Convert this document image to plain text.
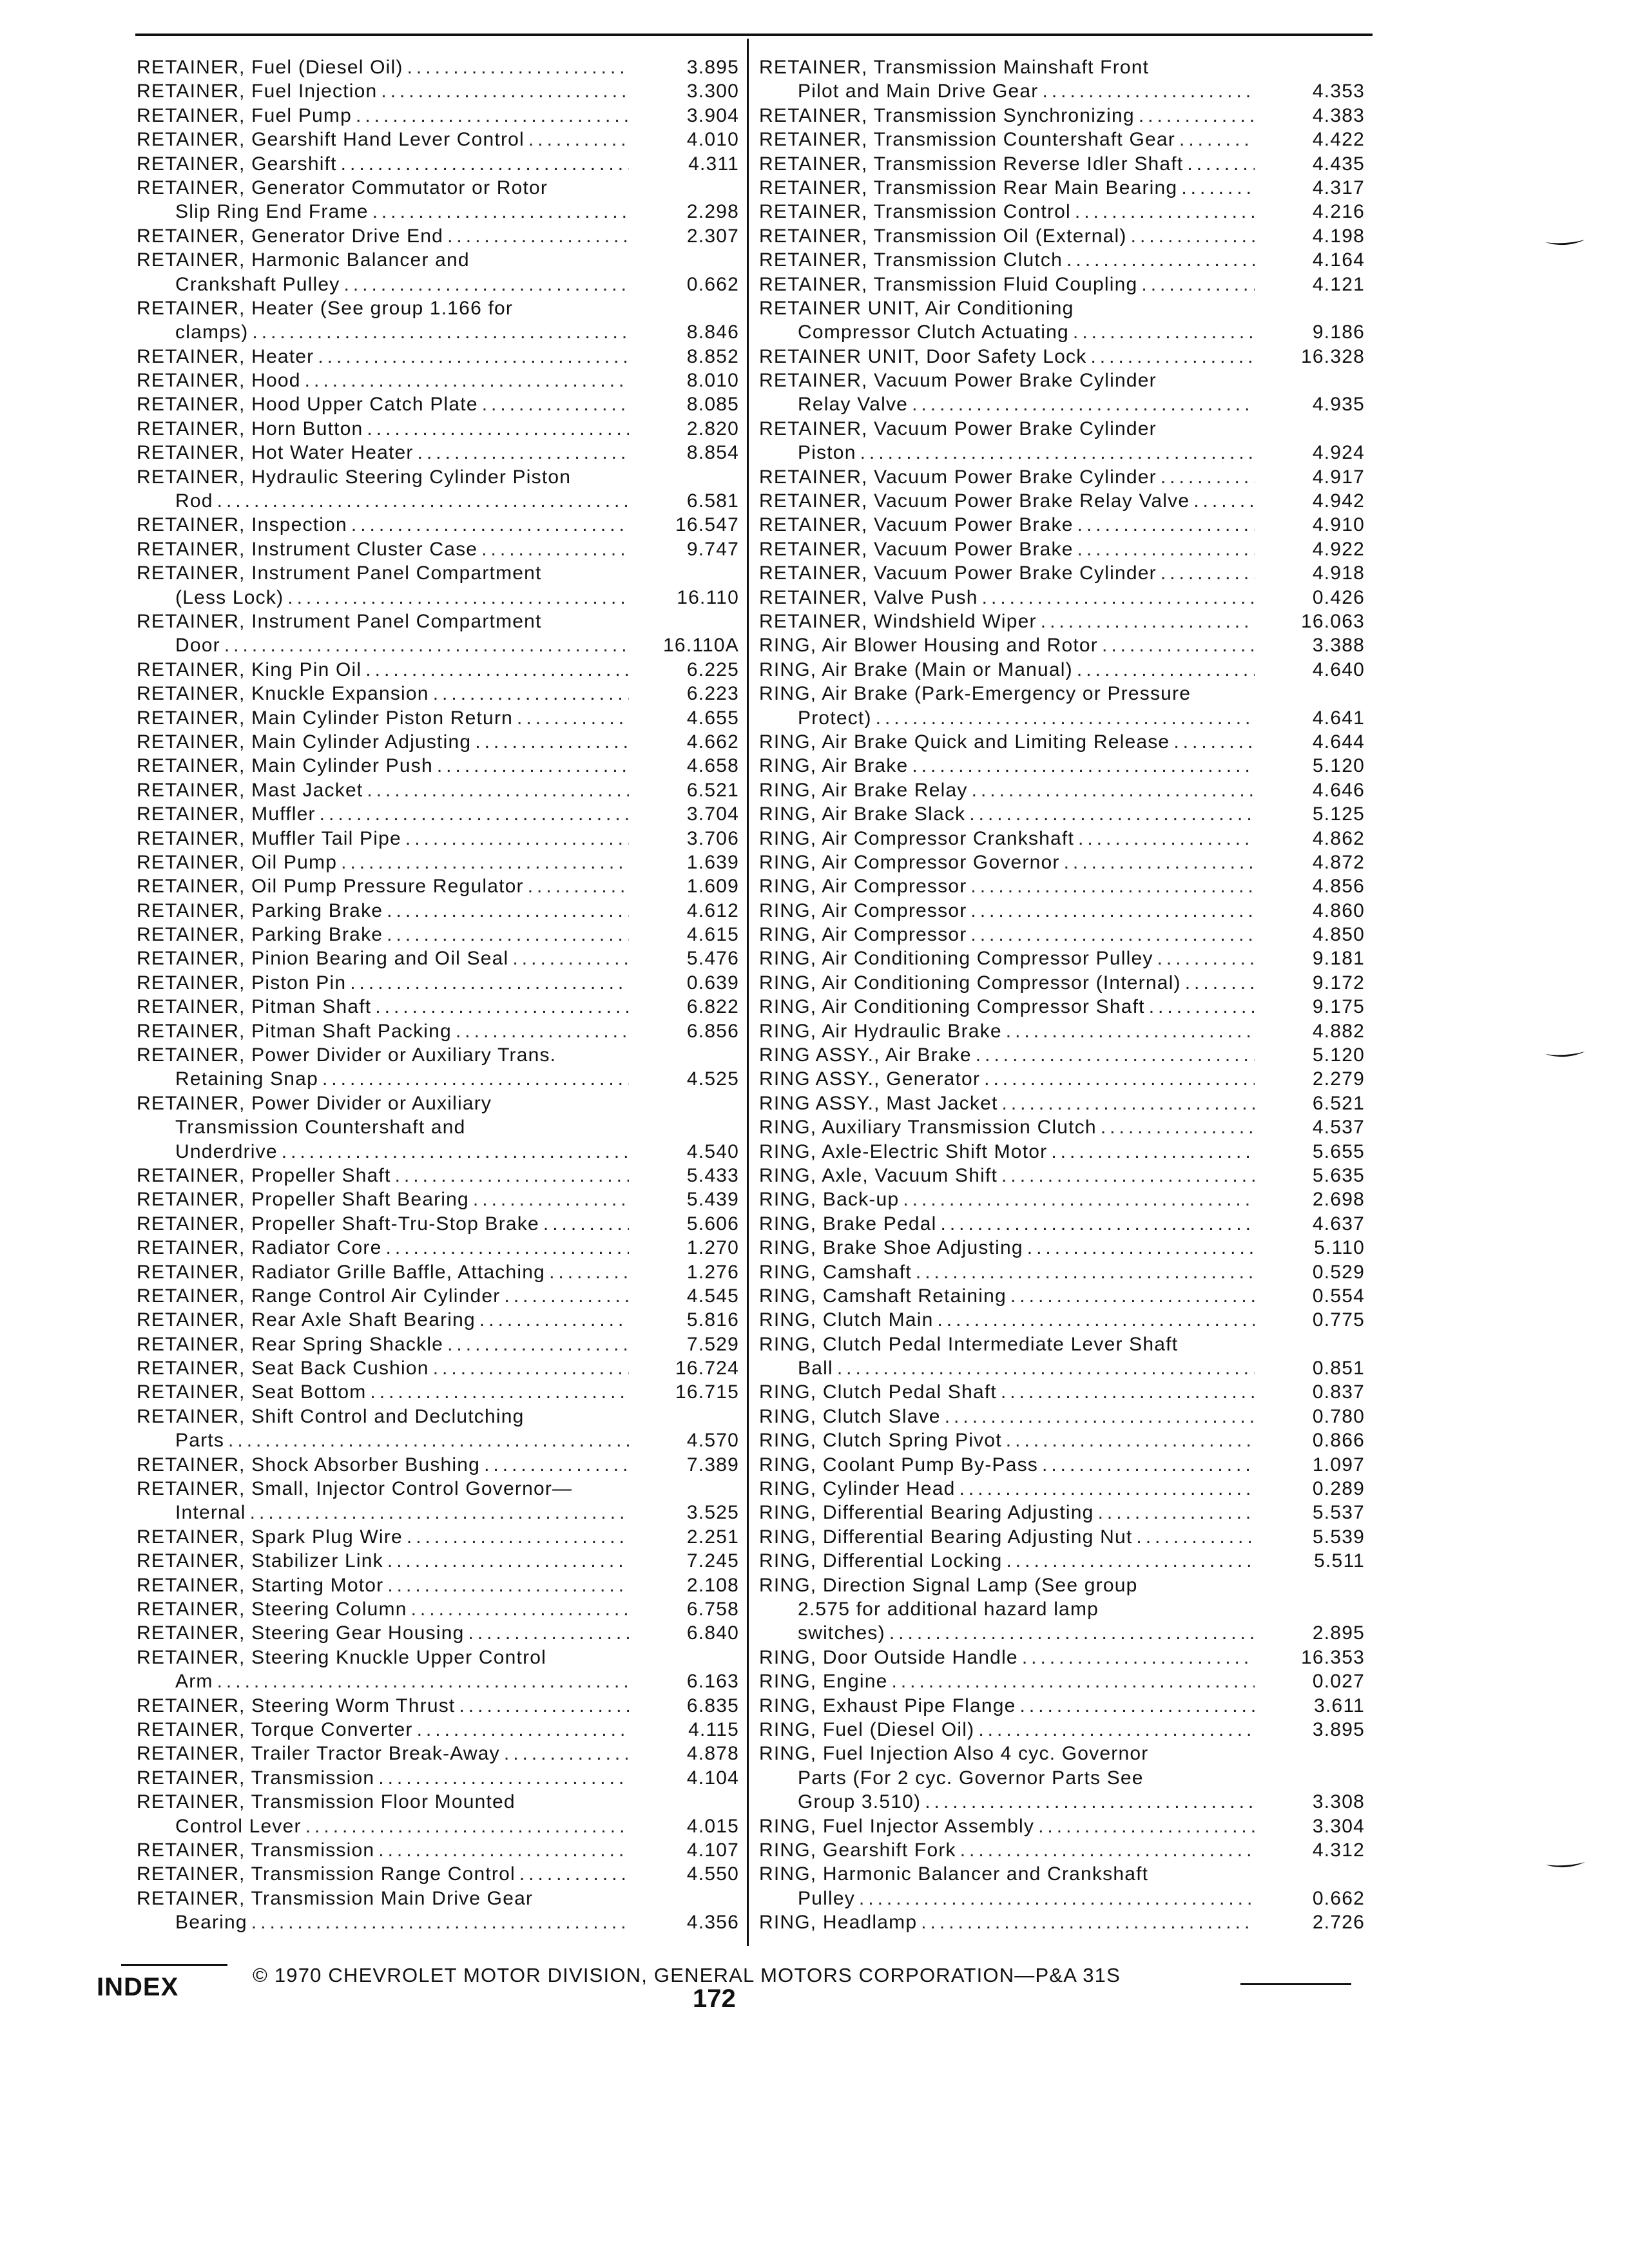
RETAINER, Fuel (Diesel Oil) .....	3.895
RETAINER, Fuel Injection .....	3.300
RETAINER, Fuel Pump .....	3.904
RETAINER, Gearshift Hand Lever Control .....	4.010
RETAINER, Gearshift .....	4.311
RETAINER, Generator Commutator or Rotor
Slip Ring End Frame .....	2.298
RETAINER, Generator Drive End .....	2.307
RETAINER, Harmonic Balancer and
Crankshaft Pulley .....	0.662
RETAINER, Heater (See group 1.166 for
clamps) .....	8.846
RETAINER, Heater .....	8.852
RETAINER, Hood .....	8.010
RETAINER, Hood Upper Catch Plate .....	8.085
RETAINER, Horn Button .....	2.820
RETAINER, Hot Water Heater .....	8.854
RETAINER, Hydraulic Steering Cylinder Piston
Rod .....	6.581
RETAINER, Inspection .....	16.547
RETAINER, Instrument Cluster Case .....	9.747
RETAINER, Instrument Panel Compartment
(Less Lock) .....	16.110
RETAINER, Instrument Panel Compartment
Door .....	16.110A
RETAINER, King Pin Oil .....	6.225
RETAINER, Knuckle Expansion .....	6.223
RETAINER, Main Cylinder Piston Return .....	4.655
RETAINER, Main Cylinder Adjusting .....	4.662
RETAINER, Main Cylinder Push .....	4.658
RETAINER, Mast Jacket .....	6.521
RETAINER, Muffler .....	3.704
RETAINER, Muffler Tail Pipe .....	3.706
RETAINER, Oil Pump .....	1.639
RETAINER, Oil Pump Pressure Regulator .....	1.609
RETAINER, Parking Brake .....	4.612
RETAINER, Parking Brake .....	4.615
RETAINER, Pinion Bearing and Oil Seal .....	5.476
RETAINER, Piston Pin .....	0.639
RETAINER, Pitman Shaft .....	6.822
RETAINER, Pitman Shaft Packing .....	6.856
RETAINER, Power Divider or Auxiliary Trans.
Retaining Snap .....	4.525
RETAINER, Power Divider or Auxiliary
Transmission Countershaft and
Underdrive .....	4.540
RETAINER, Propeller Shaft .....	5.433
RETAINER, Propeller Shaft Bearing .....	5.439
RETAINER, Propeller Shaft-Tru-Stop Brake .....	5.606
RETAINER, Radiator Core .....	1.270
RETAINER, Radiator Grille Baffle, Attaching .....	1.276
RETAINER, Range Control Air Cylinder .....	4.545
RETAINER, Rear Axle Shaft Bearing .....	5.816
RETAINER, Rear Spring Shackle .....	7.529
RETAINER, Seat Back Cushion .....	16.724
RETAINER, Seat Bottom .....	16.715
RETAINER, Shift Control and Declutching
Parts .....	4.570
RETAINER, Shock Absorber Bushing .....	7.389
RETAINER, Small, Injector Control Governor—
Internal .....	3.525
RETAINER, Spark Plug Wire .....	2.251
RETAINER, Stabilizer Link .....	7.245
RETAINER, Starting Motor .....	2.108
RETAINER, Steering Column .....	6.758
RETAINER, Steering Gear Housing .....	6.840
RETAINER, Steering Knuckle Upper Control
Arm .....	6.163
RETAINER, Steering Worm Thrust .....	6.835
RETAINER, Torque Converter .....	4.115
RETAINER, Trailer Tractor Break-Away .....	4.878
RETAINER, Transmission .....	4.104
RETAINER, Transmission Floor Mounted
Control Lever .....	4.015
RETAINER, Transmission .....	4.107
RETAINER, Transmission Range Control .....	4.550
RETAINER, Transmission Main Drive Gear
Bearing .....	4.356
RETAINER, Transmission Mainshaft Front
Pilot and Main Drive Gear .....	4.353
RETAINER, Transmission Synchronizing .....	4.383
RETAINER, Transmission Countershaft Gear .....	4.422
RETAINER, Transmission Reverse Idler Shaft .....	4.435
RETAINER, Transmission Rear Main Bearing .....	4.317
RETAINER, Transmission Control .....	4.216
RETAINER, Transmission Oil (External) .....	4.198
RETAINER, Transmission Clutch .....	4.164
RETAINER, Transmission Fluid Coupling .....	4.121
RETAINER UNIT, Air Conditioning
Compressor Clutch Actuating .....	9.186
RETAINER UNIT, Door Safety Lock .....	16.328
RETAINER, Vacuum Power Brake Cylinder
Relay Valve .....	4.935
RETAINER, Vacuum Power Brake Cylinder
Piston .....	4.924
RETAINER, Vacuum Power Brake Cylinder .....	4.917
RETAINER, Vacuum Power Brake Relay Valve .....	4.942
RETAINER, Vacuum Power Brake .....	4.910
RETAINER, Vacuum Power Brake .....	4.922
RETAINER, Vacuum Power Brake Cylinder .....	4.918
RETAINER, Valve Push .....	0.426
RETAINER, Windshield Wiper .....	16.063
RING, Air Blower Housing and Rotor .....	3.388
RING, Air Brake (Main or Manual) .....	4.640
RING, Air Brake (Park-Emergency or Pressure
Protect) .....	4.641
RING, Air Brake Quick and Limiting Release .....	4.644
RING, Air Brake .....	5.120
RING, Air Brake Relay .....	4.646
RING, Air Brake Slack .....	5.125
RING, Air Compressor Crankshaft .....	4.862
RING, Air Compressor Governor .....	4.872
RING, Air Compressor .....	4.856
RING, Air Compressor .....	4.860
RING, Air Compressor .....	4.850
RING, Air Conditioning Compressor Pulley .....	9.181
RING, Air Conditioning Compressor (Internal) .....	9.172
RING, Air Conditioning Compressor Shaft .....	9.175
RING, Air Hydraulic Brake .....	4.882
RING ASSY., Air Brake .....	5.120
RING ASSY., Generator .....	2.279
RING ASSY., Mast Jacket .....	6.521
RING, Auxiliary Transmission Clutch .....	4.537
RING, Axle-Electric Shift Motor .....	5.655
RING, Axle, Vacuum Shift .....	5.635
RING, Back-up .....	2.698
RING, Brake Pedal .....	4.637
RING, Brake Shoe Adjusting .....	5.110
RING, Camshaft .....	0.529
RING, Camshaft Retaining .....	0.554
RING, Clutch Main .....	0.775
RING, Clutch Pedal Intermediate Lever Shaft
Ball .....	0.851
RING, Clutch Pedal Shaft .....	0.837
RING, Clutch Slave .....	0.780
RING, Clutch Spring Pivot .....	0.866
RING, Coolant Pump By-Pass .....	1.097
RING, Cylinder Head .....	0.289
RING, Differential Bearing Adjusting .....	5.537
RING, Differential Bearing Adjusting Nut .....	5.539
RING, Differential Locking .....	5.511
RING, Direction Signal Lamp (See group
2.575 for additional hazard lamp
switches) .....	2.895
RING, Door Outside Handle .....	16.353
RING, Engine .....	0.027
RING, Exhaust Pipe Flange .....	3.611
RING, Fuel (Diesel Oil) .....	3.895
RING, Fuel Injection Also 4 cyc. Governor
Parts (For 2 cyc. Governor Parts See
Group 3.510) .....	3.308
RING, Fuel Injector Assembly .....	3.304
RING, Gearshift Fork .....	4.312
RING, Harmonic Balancer and Crankshaft
Pulley .....	0.662
RING, Headlamp .....	2.726
INDEX	© 1970 CHEVROLET MOTOR DIVISION, GENERAL MOTORS CORPORATION—P&A 31S
172
